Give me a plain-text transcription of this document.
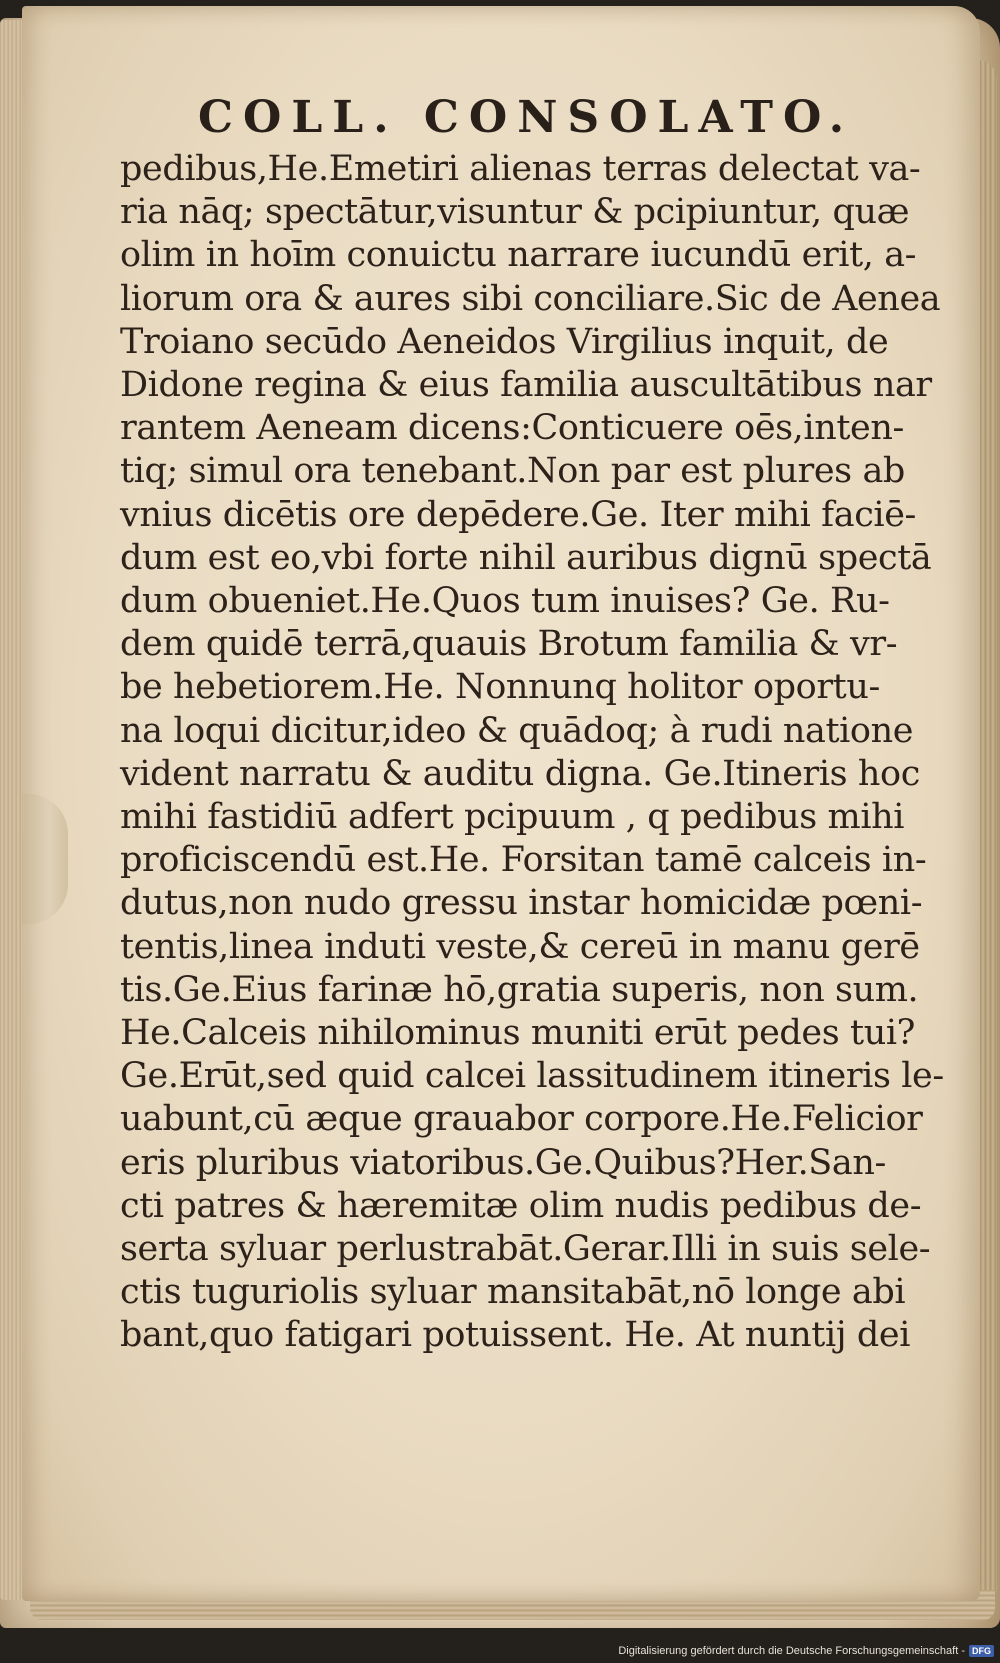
COLL. CONSOLATO.
pedibus,He.Emetiri alienas terras delectat va-
ria nāq; spectātur,visuntur & pcipiuntur, quæ
olim in hoīm conuictu narrare iucundū erit, a-
liorum ora & aures sibi conciliare.Sic de Aenea
Troiano secūdo Aeneidos Virgilius inquit, de
Didone regina & eius familia auscultātibus nar
rantem Aeneam dicens:Conticuere oēs,inten-
tiq; simul ora tenebant.Non par est plures ab
vnius dicētis ore depēdere.Ge. Iter mihi faciē-
dum est eo,vbi forte nihil auribus dignū spectā
dum obueniet.He.Quos tum inuises? Ge. Ru-
dem quidē terrā,quauis Brotum familia & vr-
be hebetiorem.He. Nonnunq holitor oportu-
na loqui dicitur,ideo & quādoq; à rudi natione
vident narratu & auditu digna. Ge.Itineris hoc
mihi fastidiū adfert pcipuum , q pedibus mihi
proficiscendū est.He. Forsitan tamē calceis in-
dutus,non nudo gressu instar homicidæ pœni-
tentis,linea induti veste,& cereū in manu gerē
tis.Ge.Eius farinæ hō,gratia superis, non sum.
He.Calceis nihilominus muniti erūt pedes tui?
Ge.Erūt,sed quid calcei lassitudinem itineris le-
uabunt,cū æque grauabor corpore.He.Felicior
eris pluribus viatoribus.Ge.Quibus?Her.San-
cti patres & hæremitæ olim nudis pedibus de-
serta syluar perlustrabāt.Gerar.Illi in suis sele-
ctis tuguriolis syluar mansitabāt,nō longe abi
bant,quo fatigari potuissent. He. At nuntij dei
Digitalisierung gefördert durch die Deutsche Forschungsgemeinschaft - DFG
